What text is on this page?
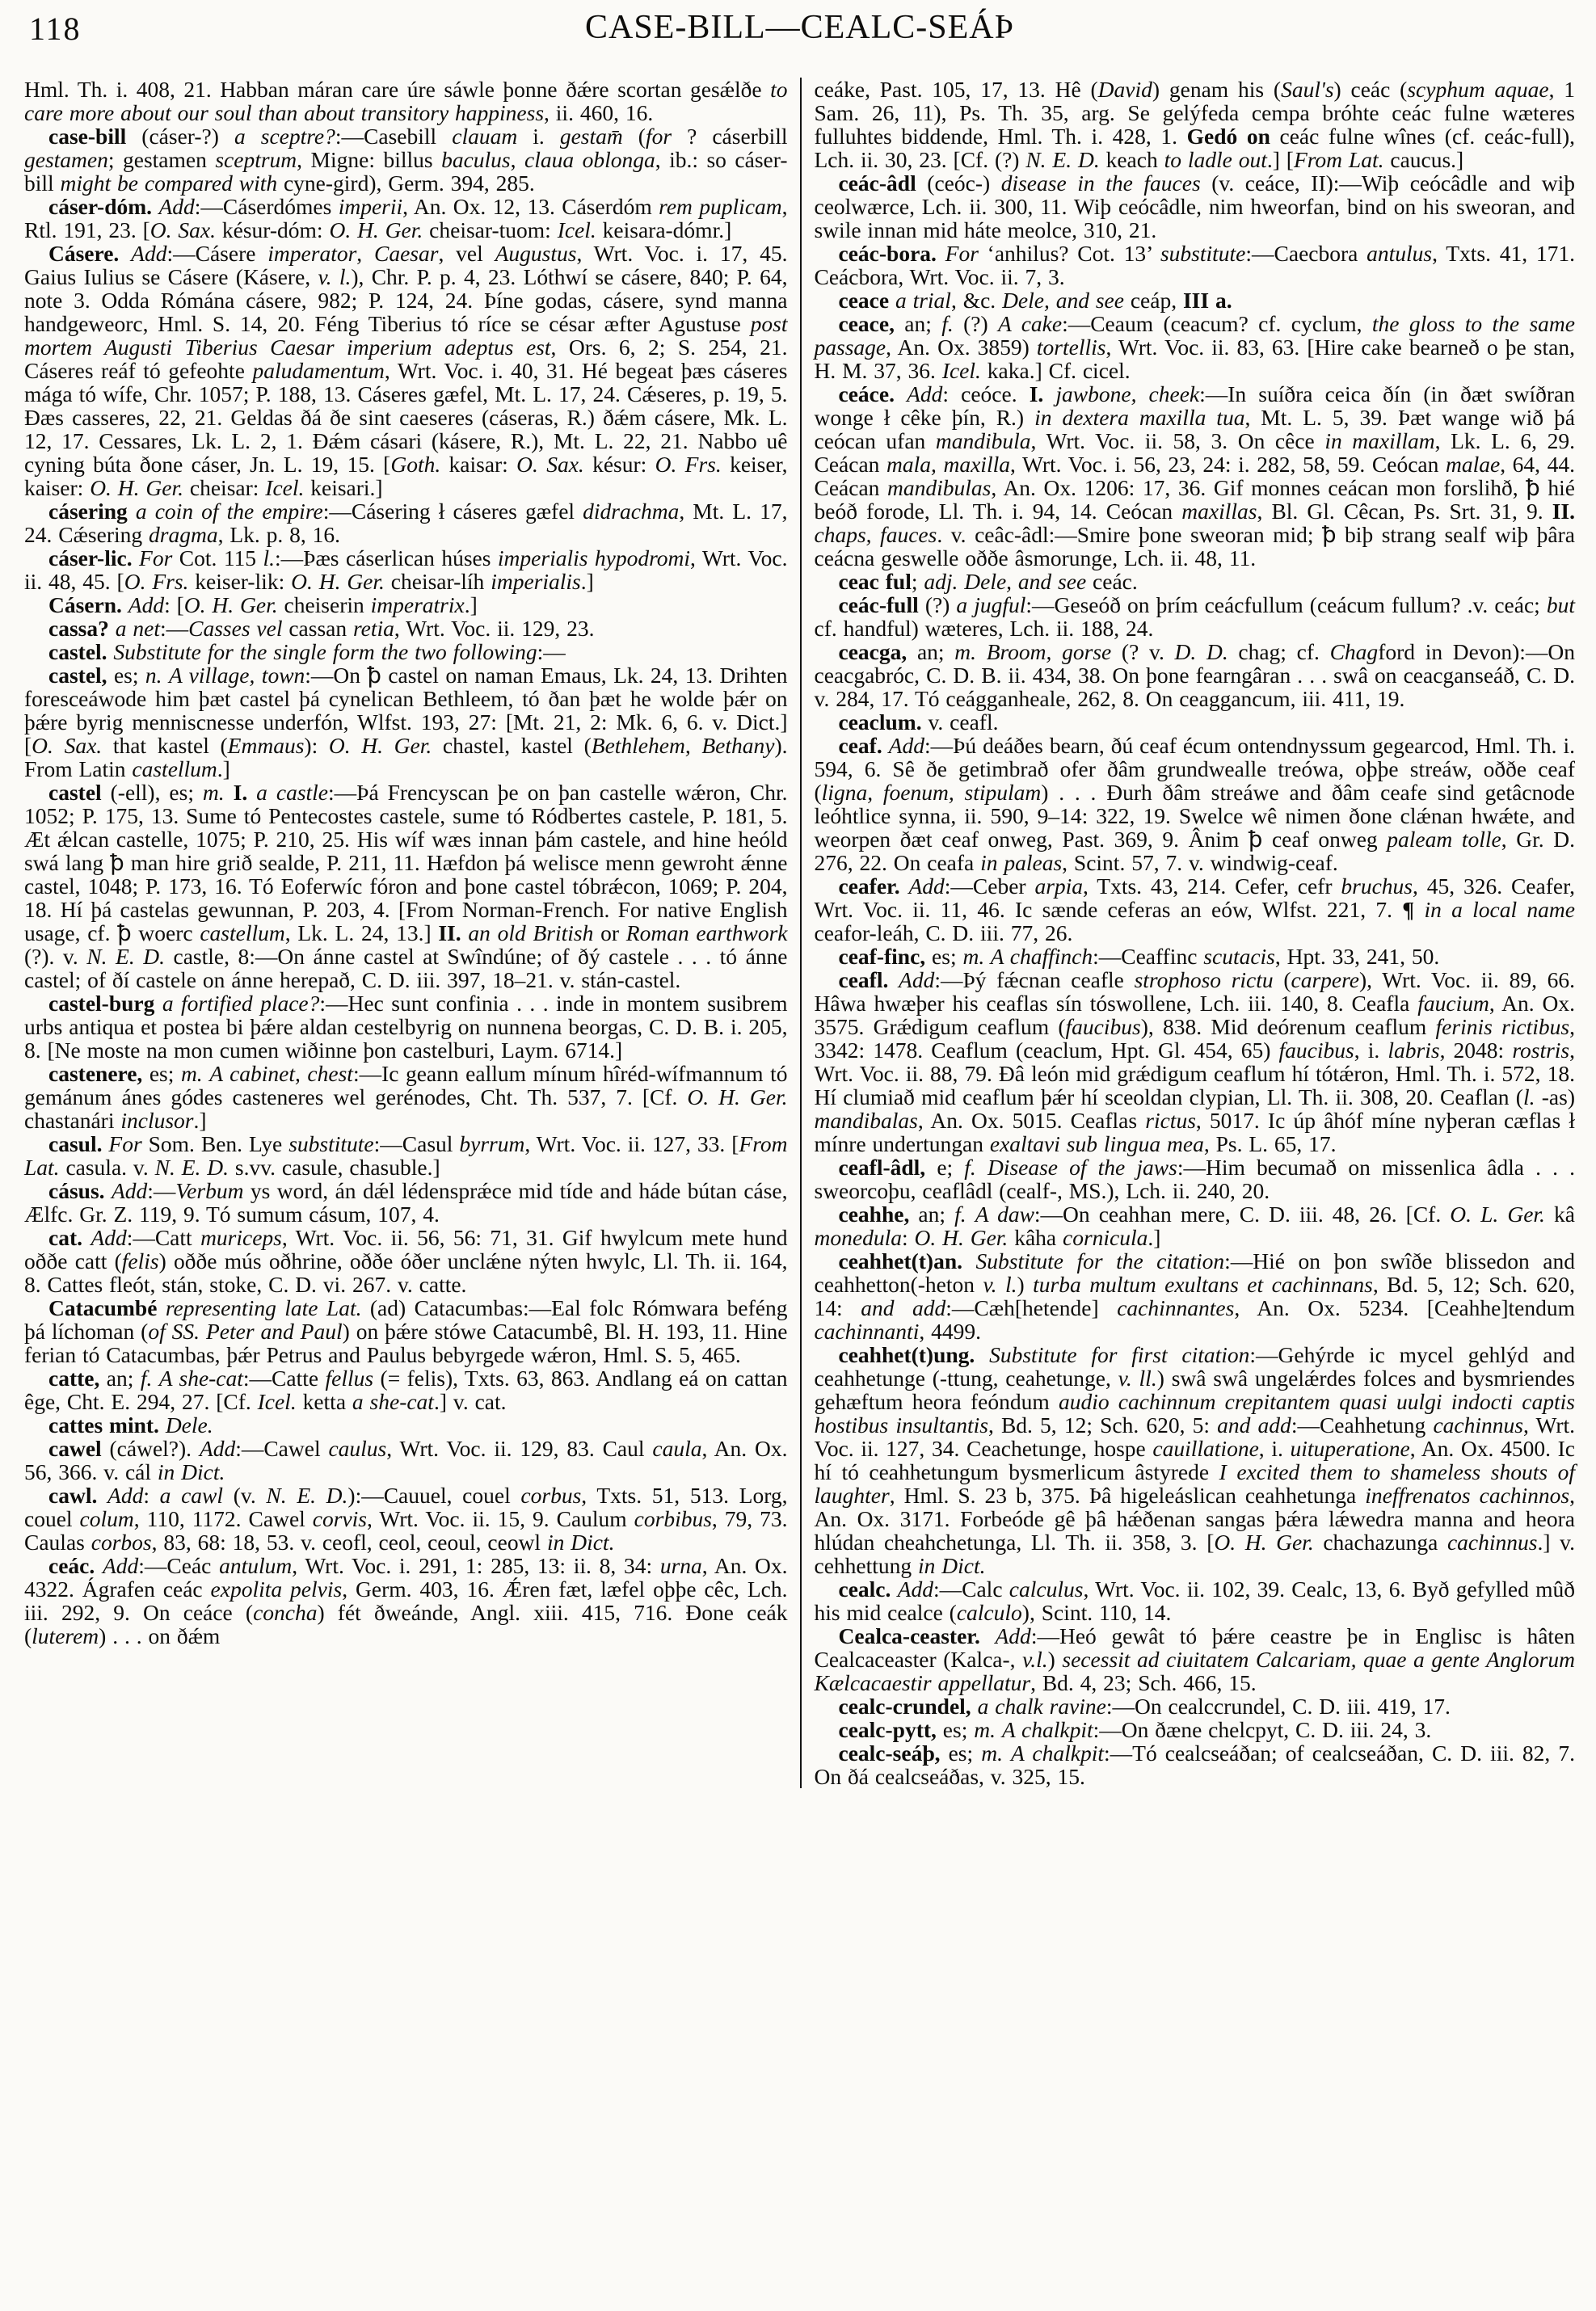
118	CASE-BILL—CEALC-SEÁÞ

Hml. Th. i. 408, 21. Habban máran care úre sáwle þonne ðǽre scortan gesǽlðe to care more about our soul than about transitory happiness, ii. 460, 16.

case-bill (cáser-?) a sceptre?:—Casebill clauam i. gestam̄ (for ? cáserbill gestamen; gestamen sceptrum, Migne: billus baculus, claua oblonga, ib.: so cáser-bill might be compared with cyne-gird), Germ. 394, 285.

cáser-dóm. Add:—Cáserdómes imperii, An. Ox. 12, 13. Cáserdóm rem puplicam, Rtl. 191, 23. [O. Sax. késur-dóm: O. H. Ger. cheisar-tuom: Icel. keisara-dómr.]

Cásere. Add:—Cásere imperator, Caesar, vel Augustus, Wrt. Voc. i. 17, 45. Gaius Iulius se Cásere (Kásere, v. l.), Chr. P. p. 4, 23. Lóthwí se cásere, 840; P. 64, note 3. Odda Rómána cásere, 982; P. 124, 24. Þíne godas, cásere, synd manna handgeweorc, Hml. S. 14, 20. Féng Tiberius tó ríce se césar æfter Agustuse post mortem Augusti Tiberius Caesar imperium adeptus est, Ors. 6, 2; S. 254, 21. Cáseres reáf tó gefeohte paludamentum, Wrt. Voc. i. 40, 31. Hé begeat þæs cáseres mága tó wífe, Chr. 1057; P. 188, 13. Cáseres gæfel, Mt. L. 17, 24. Cǽseres, p. 19, 5. Ðæs casseres, 22, 21. Geldas ðá ðe sint caeseres (cáseras, R.) ðǽm cásere, Mk. L. 12, 17. Cessares, Lk. L. 2, 1. Ðǽm cásari (kásere, R.), Mt. L. 22, 21. Nabbo uê cyning búta ðone cáser, Jn. L. 19, 15. [Goth. kaisar: O. Sax. késur: O. Frs. keiser, kaiser: O. H. Ger. cheisar: Icel. keisari.]

cásering a coin of the empire:—Cásering ł cáseres gæfel didrachma, Mt. L. 17, 24. Cǽsering dragma, Lk. p. 8, 16.

cáser-lic. For Cot. 115 l.:—Þæs cáserlican húses imperialis hypodromi, Wrt. Voc. ii. 48, 45. [O. Frs. keiser-lik: O. H. Ger. cheisar-líh imperialis.]

Cásern. Add: [O. H. Ger. cheiserin imperatrix.]

cassa? a net:—Casses vel cassan retia, Wrt. Voc. ii. 129, 23.

castel. Substitute for the single form the two following:—

castel, es; n. A village, town:—On ꝥ castel on naman Emaus, Lk. 24, 13. Drihten foresceáwode him þæt castel þá cynelican Bethleem, tó ðan þæt he wolde þǽr on þǽre byrig menniscnesse underfón, Wlfst. 193, 27: [Mt. 21, 2: Mk. 6, 6. v. Dict.] [O. Sax. that kastel (Emmaus): O. H. Ger. chastel, kastel (Bethlehem, Bethany). From Latin castellum.]

castel (-ell), es; m. I. a castle:—Þá Frencyscan þe on þan castelle wǽron, Chr. 1052; P. 175, 13. Sume tó Pentecostes castele, sume tó Ródbertes castele, P. 181, 5. Æt ǽlcan castelle, 1075; P. 210, 25. His wíf wæs innan þám castele, and hine heóld swá lang ꝥ man hire grið sealde, P. 211, 11. Hæfdon þá welisce menn gewroht ǽnne castel, 1048; P. 173, 16. Tó Eoferwíc fóron and þone castel tóbrǽcon, 1069; P. 204, 18. Hí þá castelas gewunnan, P. 203, 4. [From Norman-French. For native English usage, cf. ꝥ woerc castellum, Lk. L. 24, 13.] II. an old British or Roman earthwork (?). v. N. E. D. castle, 8:—On ánne castel at Swîndúne; of ðý castele . . . tó ánne castel; of ðí castele on ánne herepað, C. D. iii. 397, 18–21. v. stán-castel.

castel-burg a fortified place?:—Hec sunt confinia . . . inde in montem susibrem urbs antiqua et postea bi þǽre aldan cestelbyrig on nunnena beorgas, C. D. B. i. 205, 8. [Ne moste na mon cumen wiðinne þon castelburi, Laym. 6714.]

castenere, es; m. A cabinet, chest:—Ic geann eallum mínum hîréd-wífmannum tó gemánum ánes gódes casteneres wel gerénodes, Cht. Th. 537, 7. [Cf. O. H. Ger. chastanári inclusor.]

casul. For Som. Ben. Lye substitute:—Casul byrrum, Wrt. Voc. ii. 127, 33. [From Lat. casula. v. N. E. D. s.vv. casule, chasuble.]

cásus. Add:—Verbum ys word, án dǽl lédensprǽce mid tíde and háde bútan cáse, Ælfc. Gr. Z. 119, 9. Tó sumum cásum, 107, 4.

cat. Add:—Catt muriceps, Wrt. Voc. ii. 56, 56: 71, 31. Gif hwylcum mete hund oððe catt (felis) oððe mús oðhrine, oððe óðer unclǽne nýten hwylc, Ll. Th. ii. 164, 8. Cattes fleót, stán, stoke, C. D. vi. 267. v. catte.

Catacumbé representing late Lat. (ad) Catacumbas:—Eal folc Rómwara beféng þá líchoman (of SS. Peter and Paul) on þǽre stówe Catacumbê, Bl. H. 193, 11. Hine ferian tó Catacumbas, þǽr Petrus and Paulus bebyrgede wǽron, Hml. S. 5, 465.

catte, an; f. A she-cat:—Catte fellus (= felis), Txts. 63, 863. Andlang eá on cattan êge, Cht. E. 294, 27. [Cf. Icel. ketta a she-cat.] v. cat.

cattes mint. Dele.

cawel (cáwel?). Add:—Cawel caulus, Wrt. Voc. ii. 129, 83. Caul caula, An. Ox. 56, 366. v. cál in Dict.

cawl. Add: a cawl (v. N. E. D.):—Cauuel, couel corbus, Txts. 51, 513. Lorg, couel colum, 110, 1172. Cawel corvis, Wrt. Voc. ii. 15, 9. Caulum corbibus, 79, 73. Caulas corbos, 83, 68: 18, 53. v. ceofl, ceol, ceoul, ceowl in Dict.

ceác. Add:—Ceác antulum, Wrt. Voc. i. 291, 1: 285, 13: ii. 8, 34: urna, An. Ox. 4322. Ágrafen ceác expolita pelvis, Germ. 403, 16. Ǽren fæt, læfel oþþe cêc, Lch. iii. 292, 9. On ceáce (concha) fét ðweánde, Angl. xiii. 415, 716. Ðone ceák (luterem) . . . on ðǽm

ceáke, Past. 105, 17, 13. Hê (David) genam his (Saul's) ceác (scyphum aquae, 1 Sam. 26, 11), Ps. Th. 35, arg. Se gelýfeda cempa bróhte ceác fulne wæteres fulluhtes biddende, Hml. Th. i. 428, 1. Gedó on ceác fulne wînes (cf. ceác-full), Lch. ii. 30, 23. [Cf. (?) N. E. D. keach to ladle out.] [From Lat. caucus.]

ceác-âdl (ceóc-) disease in the fauces (v. ceáce, II):—Wiþ ceócâdle and wiþ ceolwærce, Lch. ii. 300, 11. Wiþ ceócâdle, nim hweorfan, bind on his sweoran, and swile innan mid háte meolce, 310, 21.

ceác-bora. For ‘anhilus? Cot. 13’ substitute:—Caecbora antulus, Txts. 41, 171. Ceácbora, Wrt. Voc. ii. 7, 3.

ceace a trial, &c. Dele, and see ceáp, III a.

ceace, an; f. (?) A cake:—Ceaum (ceacum? cf. cyclum, the gloss to the same passage, An. Ox. 3859) tortellis, Wrt. Voc. ii. 83, 63. [Hire cake bearneð o þe stan, H. M. 37, 36. Icel. kaka.] Cf. cicel.

ceáce. Add: ceóce. I. jawbone, cheek:—In suíðra ceica ðín (in ðæt swíðran wonge ł cêke þín, R.) in dextera maxilla tua, Mt. L. 5, 39. Þæt wange wið þá ceócan ufan mandibula, Wrt. Voc. ii. 58, 3. On cêce in maxillam, Lk. L. 6, 29. Ceácan mala, maxilla, Wrt. Voc. i. 56, 23, 24: i. 282, 58, 59. Ceócan malae, 64, 44. Ceácan mandibulas, An. Ox. 1206: 17, 36. Gif monnes ceácan mon forslihð, ꝥ hié beóð forode, Ll. Th. i. 94, 14. Ceócan maxillas, Bl. Gl. Cêcan, Ps. Srt. 31, 9. II. chaps, fauces. v. ceâc-âdl:—Smire þone sweoran mid; ꝥ biþ strang sealf wiþ þâra ceácna geswelle oððe âsmorunge, Lch. ii. 48, 11.

ceac ful; adj. Dele, and see ceác.

ceác-full (?) a jugful:—Geseóð on þrím ceácfullum (ceácum fullum? .v. ceác; but cf. handful) wæteres, Lch. ii. 188, 24.

ceacga, an; m. Broom, gorse (? v. D. D. chag; cf. Chagford in Devon):—On ceacgabróc, C. D. B. ii. 434, 38. On þone fearngâran . . . swâ on ceacganseáð, C. D. v. 284, 17. Tó ceágganheale, 262, 8. On ceaggancum, iii. 411, 19.

ceaclum. v. ceafl.

ceaf. Add:—Þú deáðes bearn, ðú ceaf écum ontendnyssum gegearcod, Hml. Th. i. 594, 6. Sê ðe getimbrað ofer ðâm grundwealle treówa, oþþe streáw, oððe ceaf (ligna, foenum, stipulam) . . . Ðurh ðâm streáwe and ðâm ceafe sind getâcnode leóhtlice synna, ii. 590, 9–14: 322, 19. Swelce wê nimen ðone clǽnan hwǽte, and weorpen ðæt ceaf onweg, Past. 369, 9. Ânim ꝥ ceaf onweg paleam tolle, Gr. D. 276, 22. On ceafa in paleas, Scint. 57, 7. v. windwig-ceaf.

ceafer. Add:—Ceber arpia, Txts. 43, 214. Cefer, cefr bruchus, 45, 326. Ceafer, Wrt. Voc. ii. 11, 46. Ic sænde ceferas an eów, Wlfst. 221, 7. ¶ in a local name ceafor-leáh, C. D. iii. 77, 26.

ceaf-finc, es; m. A chaffinch:—Ceaffinc scutacis, Hpt. 33, 241, 50.

ceafl. Add:—Þý fǽcnan ceafle strophoso rictu (carpere), Wrt. Voc. ii. 89, 66. Hâwa hwæþer his ceaflas sín tóswollene, Lch. iii. 140, 8. Ceafla faucium, An. Ox. 3575. Grǽdigum ceaflum (faucibus), 838. Mid deórenum ceaflum ferinis rictibus, 3342: 1478. Ceaflum (ceaclum, Hpt. Gl. 454, 65) faucibus, i. labris, 2048: rostris, Wrt. Voc. ii. 88, 79. Ðâ león mid grǽdigum ceaflum hí tótǽron, Hml. Th. i. 572, 18. Hí clumiað mid ceaflum þǽr hí sceoldan clypian, Ll. Th. ii. 308, 20. Ceaflan (l. -as) mandibalas, An. Ox. 5015. Ceaflas rictus, 5017. Ic úp âhóf míne nyþeran cæflas ł mínre undertungan exaltavi sub lingua mea, Ps. L. 65, 17.

ceafl-âdl, e; f. Disease of the jaws:—Him becumað on missenlica âdla . . . sweorcoþu, ceaflâdl (cealf-, MS.), Lch. ii. 240, 20.

ceahhe, an; f. A daw:—On ceahhan mere, C. D. iii. 48, 26. [Cf. O. L. Ger. kâ monedula: O. H. Ger. kâha cornicula.]

ceahhet(t)an. Substitute for the citation:—Hié on þon swîðe blissedon and ceahhetton(-heton v. l.) turba multum exultans et cachinnans, Bd. 5, 12; Sch. 620, 14: and add:—Cæh[hetende] cachinnantes, An. Ox. 5234. [Ceahhe]tendum cachinnanti, 4499.

ceahhet(t)ung. Substitute for first citation:—Gehýrde ic mycel gehlýd and ceahhetunge (-ttung, ceahetunge, v. ll.) swâ swâ ungelǽrdes folces and bysmriendes gehæftum heora feóndum audio cachinnum crepitantem quasi uulgi indocti captis hostibus insultantis, Bd. 5, 12; Sch. 620, 5: and add:—Ceahhetung cachinnus, Wrt. Voc. ii. 127, 34. Ceachetunge, hospe cauillatione, i. uituperatione, An. Ox. 4500. Ic hí tó ceahhetungum bysmerlicum âstyrede I excited them to shameless shouts of laughter, Hml. S. 23 b, 375. Þâ higeleáslican ceahhetunga ineffrenatos cachinnos, An. Ox. 3171. Forbeóde gê þâ hǽðenan sangas þǽra lǽwedra manna and heora hlúdan cheahchetunga, Ll. Th. ii. 358, 3. [O. H. Ger. chachazunga cachinnus.] v. cehhettung in Dict.

cealc. Add:—Calc calculus, Wrt. Voc. ii. 102, 39. Cealc, 13, 6. Byð gefylled mûð his mid cealce (calculo), Scint. 110, 14.

Cealca-ceaster. Add:—Heó gewât tó þǽre ceastre þe in Englisc is hâten Cealcaceaster (Kalca-, v.l.) secessit ad ciuitatem Calcariam, quae a gente Anglorum Kælcacaestir appellatur, Bd. 4, 23; Sch. 466, 15.

cealc-crundel, a chalk ravine:—On cealccrundel, C. D. iii. 419, 17.

cealc-pytt, es; m. A chalkpit:—On ðæne chelcpyt, C. D. iii. 24, 3.

cealc-seáþ, es; m. A chalkpit:—Tó cealcseáðan; of cealcseáðan, C. D. iii. 82, 7. On ðá cealcseáðas, v. 325, 15.
